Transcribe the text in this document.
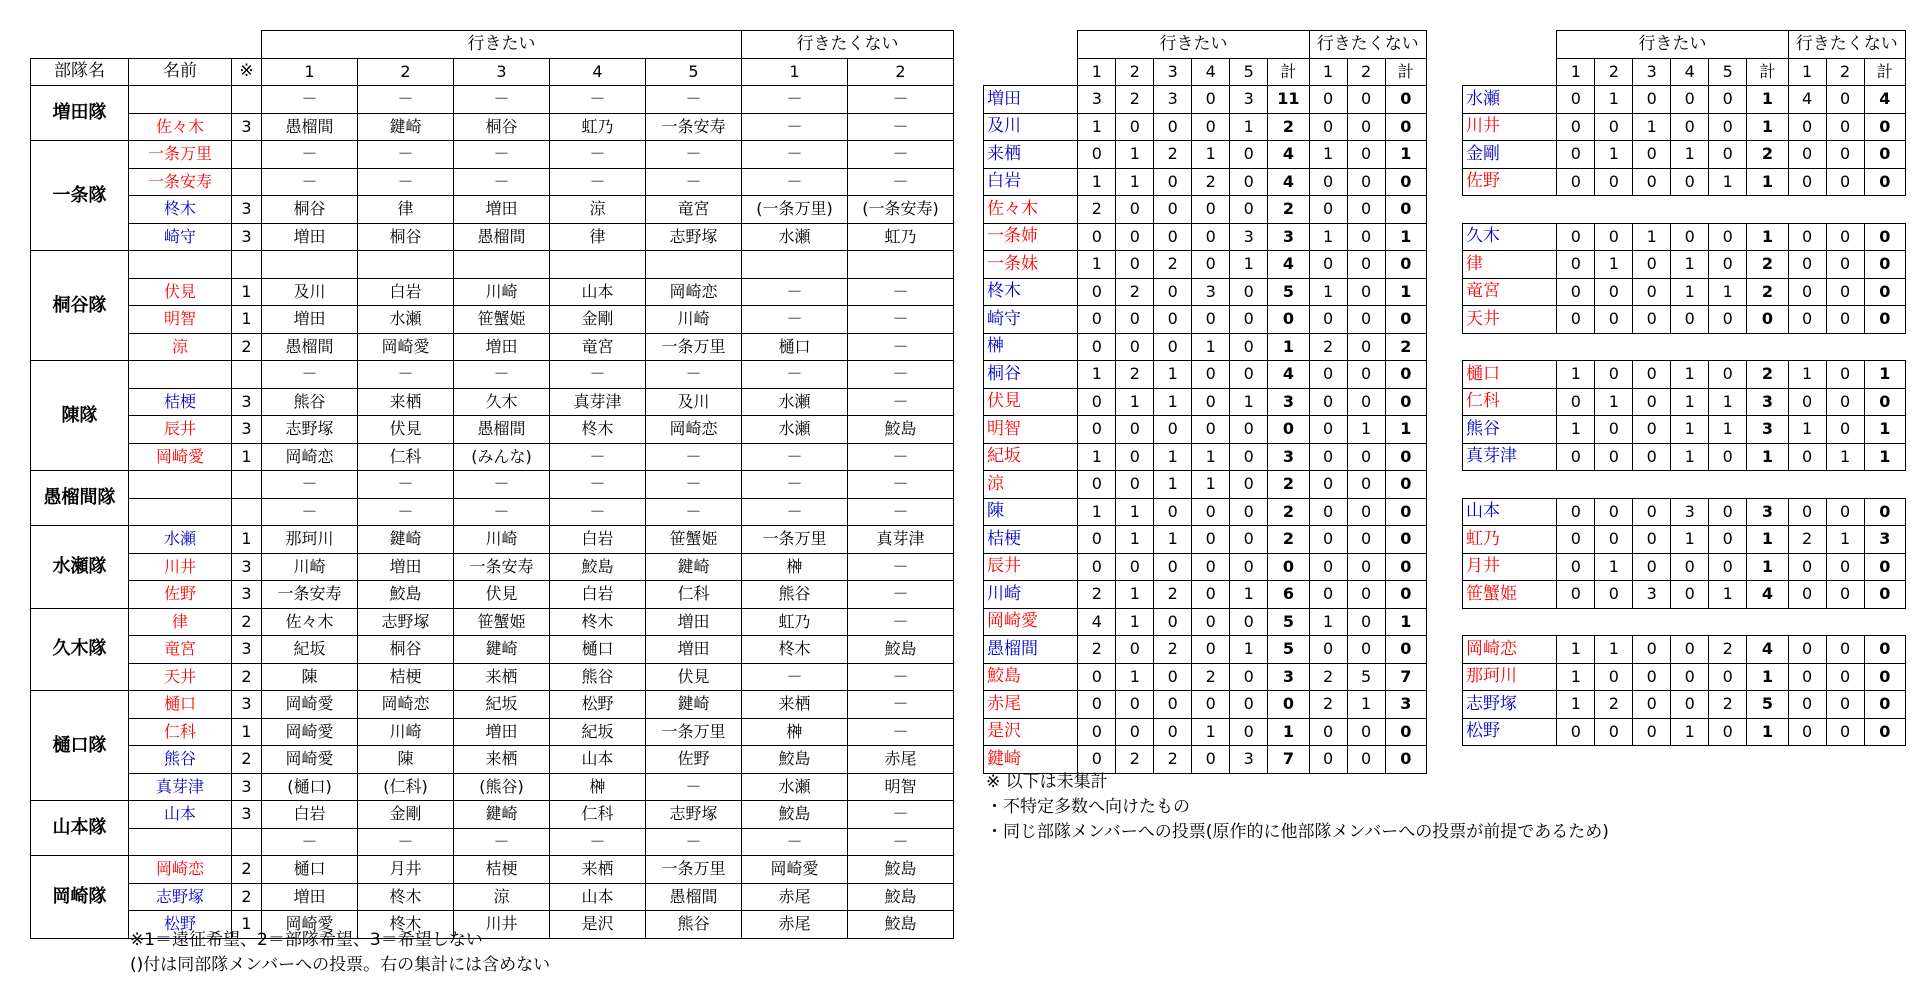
			行きたい					行きたくない	
部隊名	名前	※	1	2	3	4	5	1	2
増田隊			－	－	－	－	－	－	－
	佐々木	3	愚榴間	鍵崎	桐谷	虹乃	一条安寿	－	－
一条隊	一条万里		－	－	－	－	－	－	－
	一条安寿		－	－	－	－	－	－	－
	柊木	3	桐谷	律	増田	涼	竜宮	(一条万里)	(一条安寿)
	崎守	3	増田	桐谷	愚榴間	律	志野塚	水瀬	虹乃
桐谷隊									
	伏見	1	及川	白岩	川崎	山本	岡崎恋	－	－
	明智	1	増田	水瀬	笹蟹姫	金剛	川崎	－	－
	涼	2	愚榴間	岡崎愛	増田	竜宮	一条万里	樋口	－
陳隊			－	－	－	－	－	－	－
	桔梗	3	熊谷	来栖	久木	真芽津	及川	水瀬	－
	辰井	3	志野塚	伏見	愚榴間	柊木	岡崎恋	水瀬	鮫島
	岡崎愛	1	岡崎恋	仁科	(みんな)	－	－	－	－
愚榴間隊			－	－	－	－	－	－	－
			－	－	－	－	－	－	－
水瀬隊	水瀬	1	那珂川	鍵崎	川崎	白岩	笹蟹姫	一条万里	真芽津
	川井	3	川崎	増田	一条安寿	鮫島	鍵崎	榊	－
	佐野	3	一条安寿	鮫島	伏見	白岩	仁科	熊谷	－
久木隊	律	2	佐々木	志野塚	笹蟹姫	柊木	増田	虹乃	－
	竜宮	3	紀坂	桐谷	鍵崎	樋口	増田	柊木	鮫島
	天井	2	陳	桔梗	来栖	熊谷	伏見	－	－
樋口隊	樋口	3	岡崎愛	岡崎恋	紀坂	松野	鍵崎	来栖	－
	仁科	1	岡崎愛	川崎	増田	紀坂	一条万里	榊	－
	熊谷	2	岡崎愛	陳	来栖	山本	佐野	鮫島	赤尾
	真芽津	3	(樋口)	(仁科)	(熊谷)	榊	－	水瀬	明智
山本隊	山本	3	白岩	金剛	鍵崎	仁科	志野塚	鮫島	－
			－	－	－	－	－	－	－
岡崎隊	岡崎恋	2	樋口	月井	桔梗	来栖	一条万里	岡崎愛	鮫島
	志野塚	2	増田	柊木	涼	山本	愚榴間	赤尾	鮫島
	松野	1	岡崎愛	柊木	川井	是沢	熊谷	赤尾	鮫島
	行きたい						行きたくない		
	1	2	3	4	5	計	1	2	計
増田	3	2	3	0	3	11	0	0	0
及川	1	0	0	0	1	2	0	0	0
来栖	0	1	2	1	0	4	1	0	1
白岩	1	1	0	2	0	4	0	0	0
佐々木	2	0	0	0	0	2	0	0	0
一条姉	0	0	0	0	3	3	1	0	1
一条妹	1	0	2	0	1	4	0	0	0
柊木	0	2	0	3	0	5	1	0	1
崎守	0	0	0	0	0	0	0	0	0
榊	0	0	0	1	0	1	2	0	2
桐谷	1	2	1	0	0	4	0	0	0
伏見	0	1	1	0	1	3	0	0	0
明智	0	0	0	0	0	0	0	1	1
紀坂	1	0	1	1	0	3	0	0	0
涼	0	0	1	1	0	2	0	0	0
陳	1	1	0	0	0	2	0	0	0
桔梗	0	1	1	0	0	2	0	0	0
辰井	0	0	0	0	0	0	0	0	0
川崎	2	1	2	0	1	6	0	0	0
岡崎愛	4	1	0	0	0	5	1	0	1
愚榴間	2	0	2	0	1	5	0	0	0
鮫島	0	1	0	2	0	3	2	5	7
赤尾	0	0	0	0	0	0	2	1	3
是沢	0	0	0	1	0	1	0	0	0
鍵崎	0	2	2	0	3	7	0	0	0
	行きたい						行きたくない		
	1	2	3	4	5	計	1	2	計
水瀬	0	1	0	0	0	1	4	0	4
川井	0	0	1	0	0	1	0	0	0
金剛	0	1	0	1	0	2	0	0	0
佐野	0	0	0	0	1	1	0	0	0

久木	0	0	1	0	0	1	0	0	0
律	0	1	0	1	0	2	0	0	0
竜宮	0	0	0	1	1	2	0	0	0
天井	0	0	0	0	0	0	0	0	0

樋口	1	0	0	1	0	2	1	0	1
仁科	0	1	0	1	1	3	0	0	0
熊谷	1	0	0	1	1	3	1	0	1
真芽津	0	0	0	1	0	1	0	1	1

山本	0	0	0	3	0	3	0	0	0
虹乃	0	0	0	1	0	1	2	1	3
月井	0	1	0	0	0	1	0	0	0
笹蟹姫	0	0	3	0	1	4	0	0	0

岡崎恋	1	1	0	0	2	4	0	0	0
那珂川	1	0	0	0	0	1	0	0	0
志野塚	1	2	0	0	2	5	0	0	0
松野	0	0	0	1	0	1	0	0	0
※ 以下は未集計
・不特定多数へ向けたもの
・同じ部隊メンバーへの投票(原作的に他部隊メンバーへの投票が前提であるため)
※1＝遠征希望、2＝部隊希望、3＝希望しない
()付は同部隊メンバーへの投票。右の集計には含めない
